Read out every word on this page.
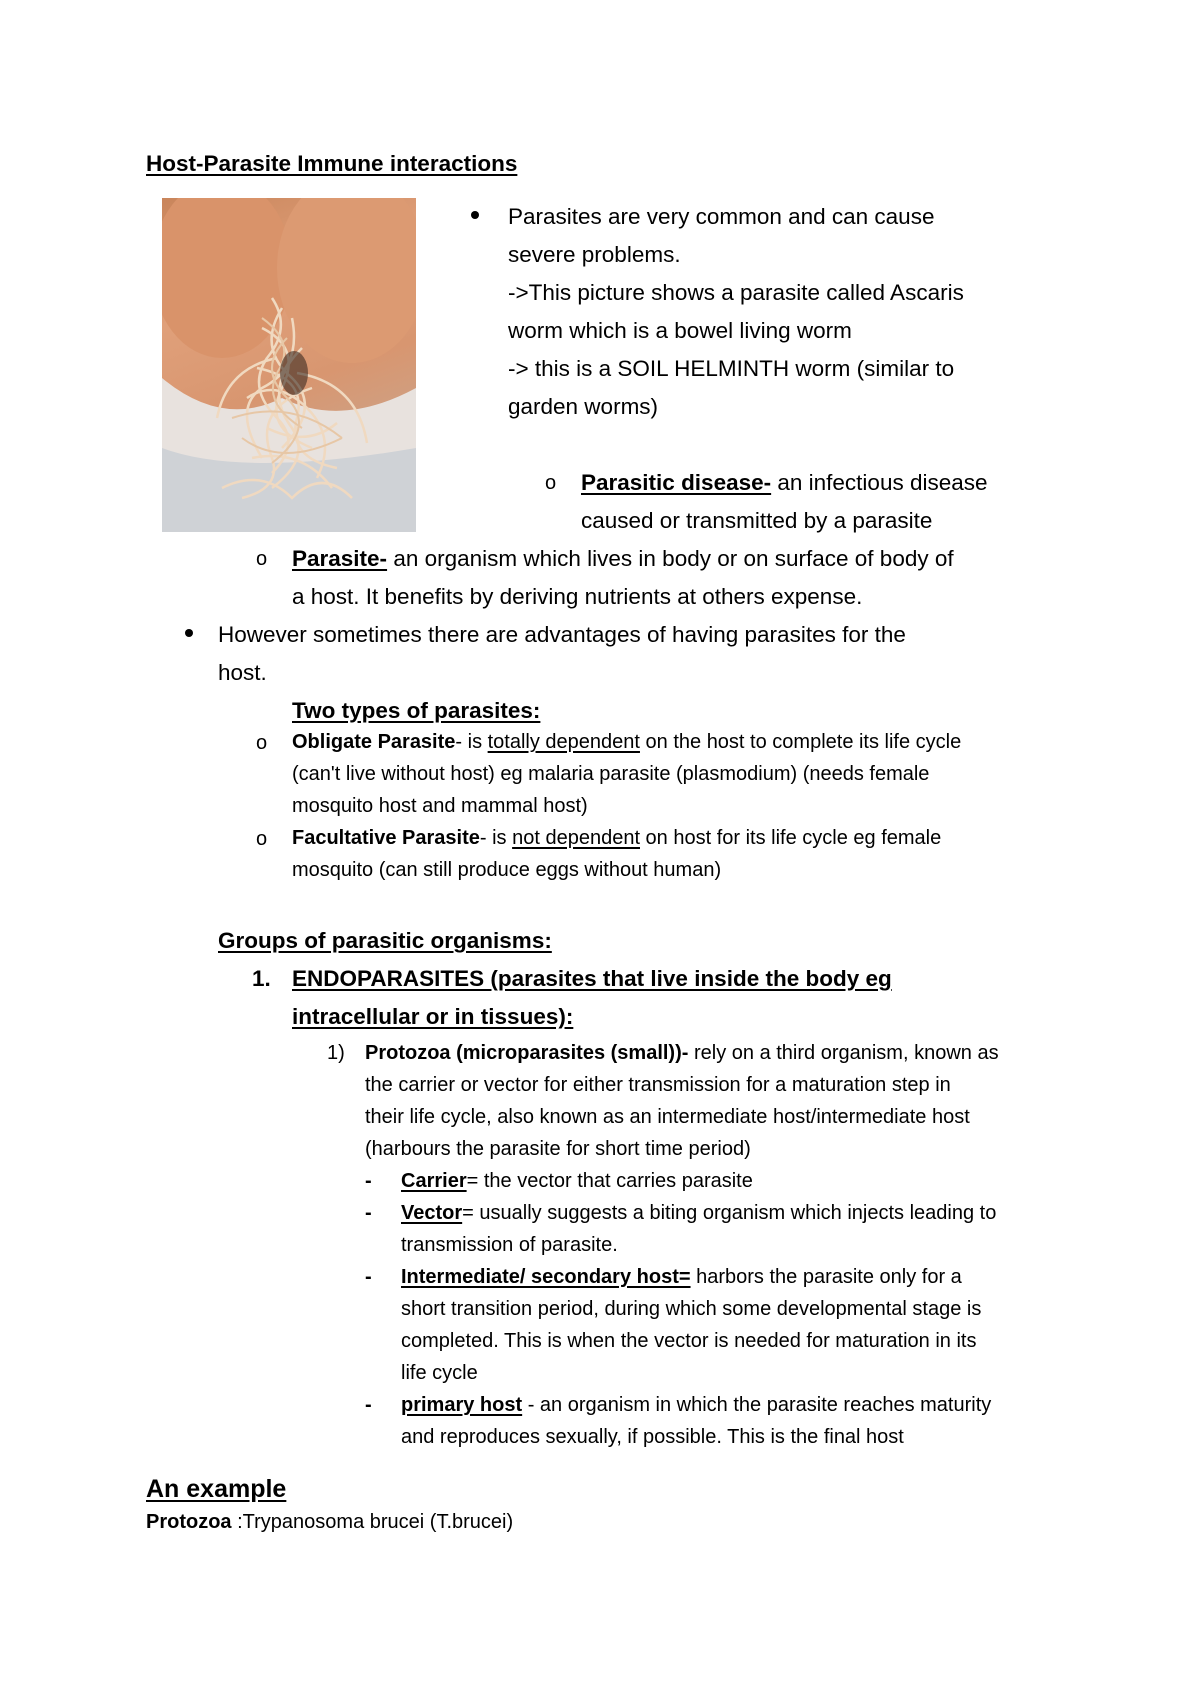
Host-Parasite Immune interactions
Parasites are very common and can cause
severe problems.
->This picture shows a parasite called Ascaris
worm which is a bowel living worm
-> this is a SOIL HELMINTH worm (similar to
garden worms)
o Parasitic disease- an infectious disease
caused or transmitted by a parasite
o Parasite- an organism which lives in body or on surface of body of
a host. It benefits by deriving nutrients at others expense.
However sometimes there are advantages of having parasites for the
host.
Two types of parasites:
o Obligate Parasite- is totally dependent on the host to complete its life cycle
(can't live without host) eg malaria parasite (plasmodium) (needs female
mosquito host and mammal host)
o Facultative Parasite- is not dependent on host for its life cycle eg female
mosquito (can still produce eggs without human)
Groups of parasitic organisms:
1. ENDOPARASITES (parasites that live inside the body eg
intracellular or in tissues):
1) Protozoa (microparasites (small))- rely on a third organism, known as
the carrier or vector for either transmission for a maturation step in
their life cycle, also known as an intermediate host/intermediate host
(harbours the parasite for short time period)
- Carrier= the vector that carries parasite
- Vector= usually suggests a biting organism which injects leading to
transmission of parasite.
- Intermediate/ secondary host= harbors the parasite only for a
short transition period, during which some developmental stage is
completed. This is when the vector is needed for maturation in its
life cycle
- primary host - an organism in which the parasite reaches maturity
and reproduces sexually, if possible. This is the final host
An example
Protozoa :Trypanosoma brucei (T.brucei)
